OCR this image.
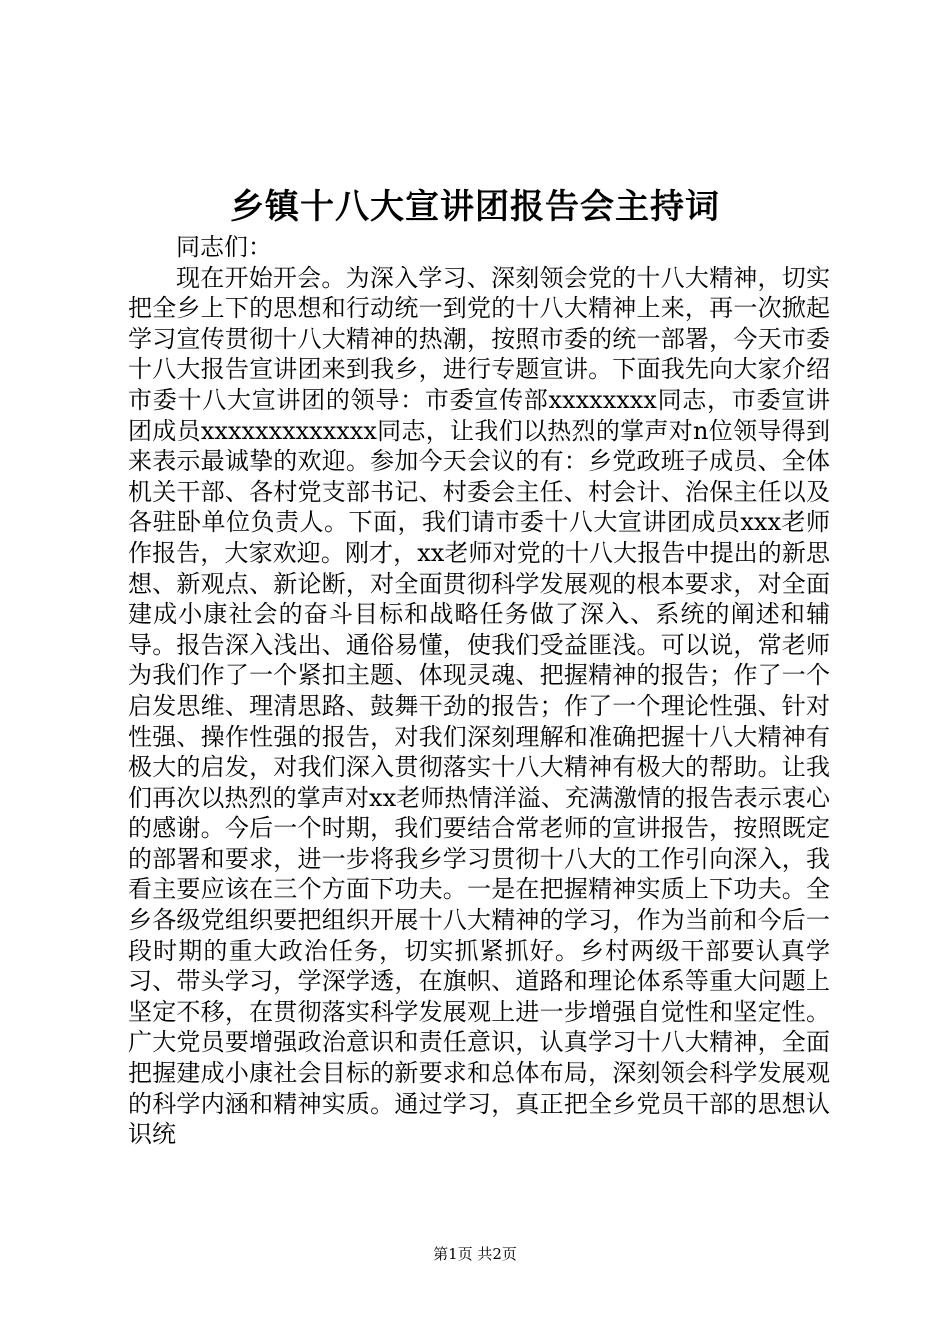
乡镇十八大宣讲团报告会主持词

同志们：

现在开始开会。为深入学习、深刻领会党的十八大精神，切实把全乡上下的思想和行动统一到党的十八大精神上来，再一次掀起学习宣传贯彻十八大精神的热潮，按照市委的统一部署，今天市委十八大报告宣讲团来到我乡，进行专题宣讲。下面我先向大家介绍市委十八大宣讲团的领导：市委宣传部xxxxxxxx同志，市委宣讲团成员xxxxxxxxxxxxx同志，让我们以热烈的掌声对n位领导得到来表示最诚挚的欢迎。参加今天会议的有：乡党政班子成员、全体机关干部、各村党支部书记、村委会主任、村会计、治保主任以及各驻卧单位负责人。下面，我们请市委十八大宣讲团成员xxx老师作报告，大家欢迎。刚才，xx老师对党的十八大报告中提出的新思想、新观点、新论断，对全面贯彻科学发展观的根本要求，对全面建成小康社会的奋斗目标和战略任务做了深入、系统的阐述和辅导。报告深入浅出、通俗易懂，使我们受益匪浅。可以说，常老师为我们作了一个紧扣主题、体现灵魂、把握精神的报告；作了一个启发思维、理清思路、鼓舞干劲的报告；作了一个理论性强、针对性强、操作性强的报告，对我们深刻理解和准确把握十八大精神有极大的启发，对我们深入贯彻落实十八大精神有极大的帮助。让我们再次以热烈的掌声对xx老师热情洋溢、充满激情的报告表示衷心的感谢。今后一个时期，我们要结合常老师的宣讲报告，按照既定的部署和要求，进一步将我乡学习贯彻十八大的工作引向深入，我看主要应该在三个方面下功夫。一是在把握精神实质上下功夫。全乡各级党组织要把组织开展十八大精神的学习，作为当前和今后一段时期的重大政治任务，切实抓紧抓好。乡村两级干部要认真学习、带头学习，学深学透，在旗帜、道路和理论体系等重大问题上坚定不移，在贯彻落实科学发展观上进一步增强自觉性和坚定性。广大党员要增强政治意识和责任意识，认真学习十八大精神，全面把握建成小康社会目标的新要求和总体布局，深刻领会科学发展观的科学内涵和精神实质。通过学习，真正把全乡党员干部的思想认识统

第1页 共2页
